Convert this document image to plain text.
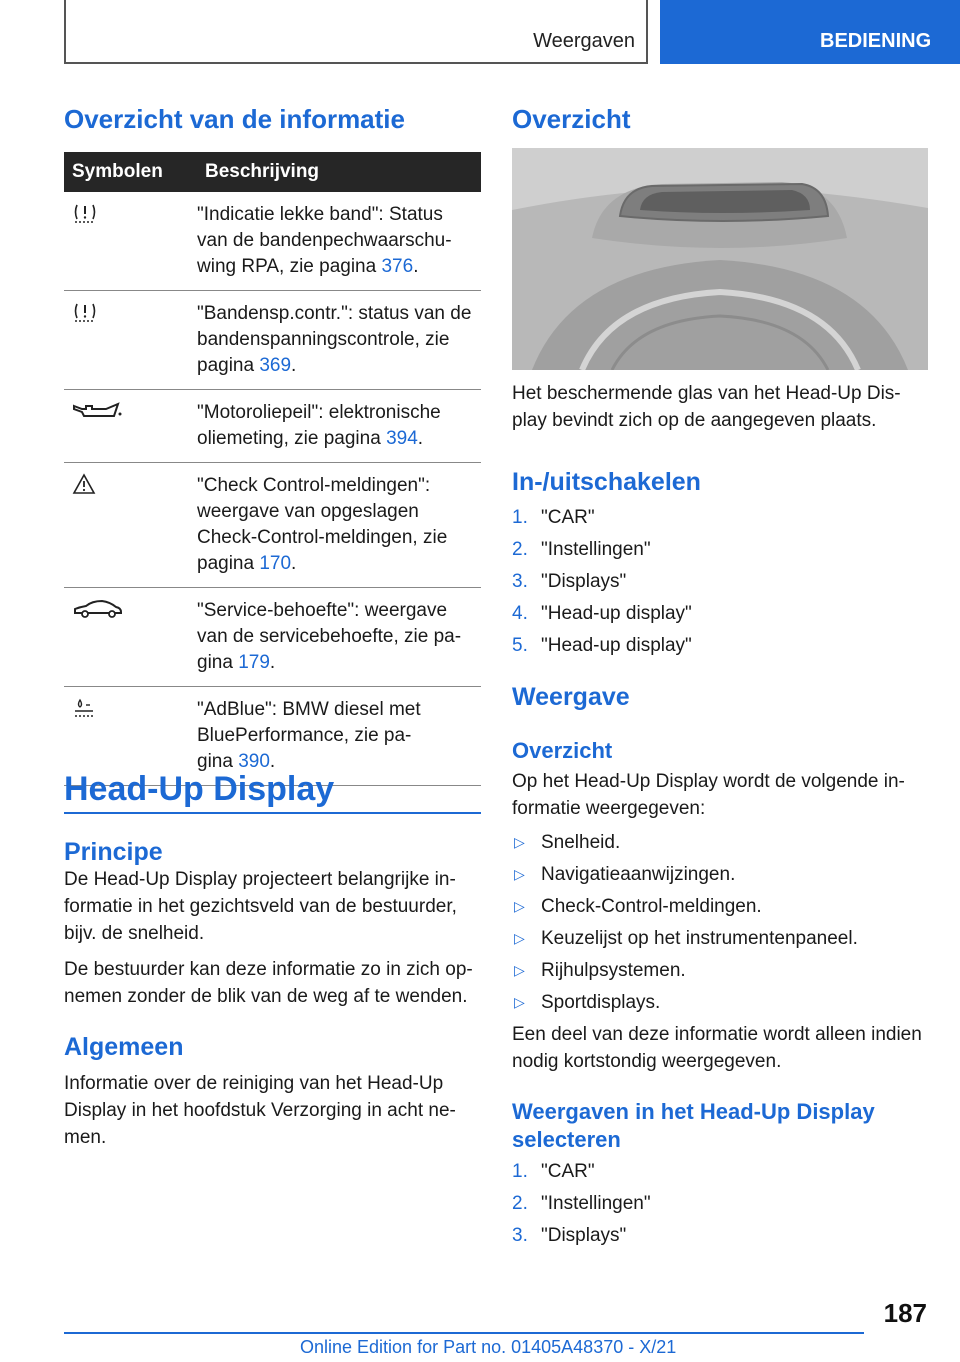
Weergaven	BEDIENING
Overzicht van de informatie
Symbolen	Beschrijving

"Indicatie lekke band": Status
van de bandenpechwaarschu-
wing RPA, zie pagina 376.

"Bandensp.contr.": status van de
bandenspanningscontrole, zie
pagina 369.

"Motoroliepeil": elektronische
oliemeting, zie pagina 394.

"Check Control-meldingen":
weergave van opgeslagen
Check-Control-meldingen, zie
pagina 170.

"Service-behoefte": weergave
van de servicebehoefte, zie pa-
gina 179.

"AdBlue": BMW diesel met
BluePerformance, zie pa-
gina 390.
Head-Up Display
Principe
De Head-Up Display projecteert belangrijke in-
formatie in het gezichtsveld van de bestuurder,
bijv. de snelheid.
De bestuurder kan deze informatie zo in zich op-
nemen zonder de blik van de weg af te wenden.
Algemeen
Informatie over de reiniging van het Head-Up
Display in het hoofdstuk Verzorging in acht ne-
men.
Overzicht
Het beschermende glas van het Head-Up Dis-
play bevindt zich op de aangegeven plaats.
In-/uitschakelen
1. "CAR"
2. "Instellingen"
3. "Displays"
4. "Head-up display"
5. "Head-up display"
Weergave
Overzicht
Op het Head-Up Display wordt de volgende in-
formatie weergegeven:
▷ Snelheid.
▷ Navigatieaanwijzingen.
▷ Check-Control-meldingen.
▷ Keuzelijst op het instrumentenpaneel.
▷ Rijhulpsystemen.
▷ Sportdisplays.
Een deel van deze informatie wordt alleen indien
nodig kortstondig weergegeven.
Weergaven in het Head-Up Display
selecteren
1. "CAR"
2. "Instellingen"
3. "Displays"
187
Online Edition for Part no. 01405A48370 - X/21
